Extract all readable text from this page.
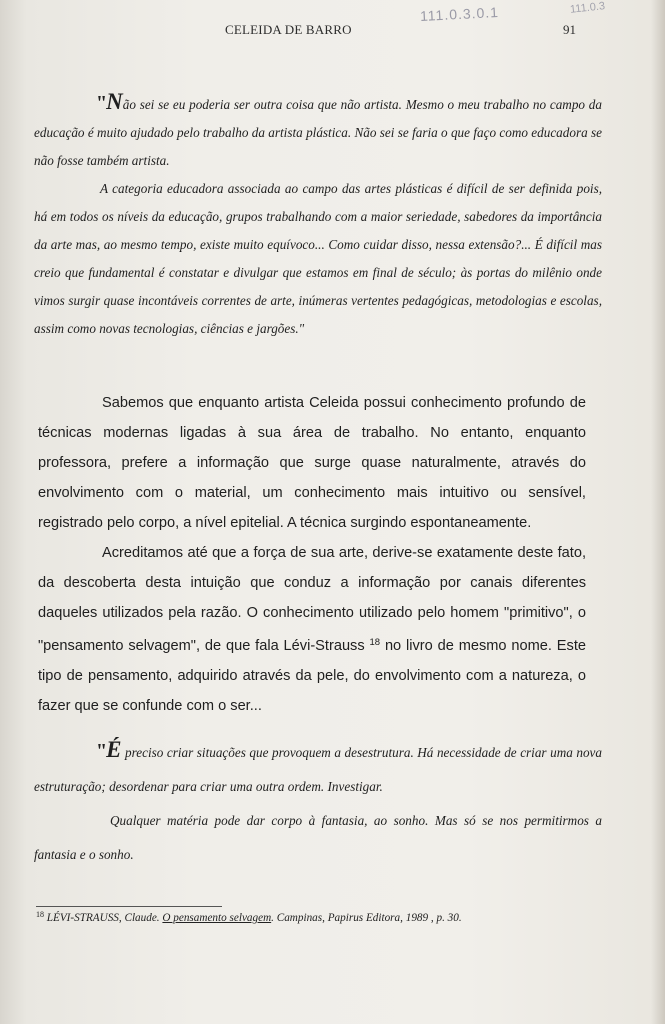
CELEIDA DE BARRO	91
111.0.3.0.1	111.0.3

"Não sei se eu poderia ser outra coisa que não artista. Mesmo o meu trabalho no campo da educação é muito ajudado pelo trabalho da artista plástica. Não sei se faria o que faço como educadora se não fosse também artista.

A categoria educadora associada ao campo das artes plásticas é difícil de ser definida pois, há em todos os níveis da educação, grupos trabalhando com a maior seriedade, sabedores da importância da arte mas, ao mesmo tempo, existe muito equívoco... Como cuidar disso, nessa extensão?... É difícil mas creio que fundamental é constatar e divulgar que estamos em final de século; às portas do milênio onde vimos surgir quase incontáveis correntes de arte, inúmeras vertentes pedagógicas, metodologias e escolas, assim como novas tecnologias, ciências e jargões."

Sabemos que enquanto artista Celeida possui conhecimento profundo de técnicas modernas ligadas à sua área de trabalho. No entanto, enquanto professora, prefere a informação que surge quase naturalmente, através do envolvimento com o material, um conhecimento mais intuitivo ou sensível, registrado pelo corpo, a nível epitelial. A técnica surgindo espontaneamente.

Acreditamos até que a força de sua arte, derive-se exatamente deste fato, da descoberta desta intuição que conduz a informação por canais diferentes daqueles utilizados pela razão. O conhecimento utilizado pelo homem "primitivo", o "pensamento selvagem", de que fala Lévi-Strauss $^{18}$ no livro de mesmo nome. Este tipo de pensamento, adquirido através da pele, do envolvimento com a natureza, o fazer que se confunde com o ser...

"É preciso criar situações que provoquem a desestrutura. Há necessidade de criar uma nova estruturação; desordenar para criar uma outra ordem. Investigar.

Qualquer matéria pode dar corpo à fantasia, ao sonho. Mas só se nos permitirmos a fantasia e o sonho.

$^{18}$ LÉVI-STRAUSS, Claude. O pensamento selvagem. Campinas, Papirus Editora, 1989 , p. 30.
